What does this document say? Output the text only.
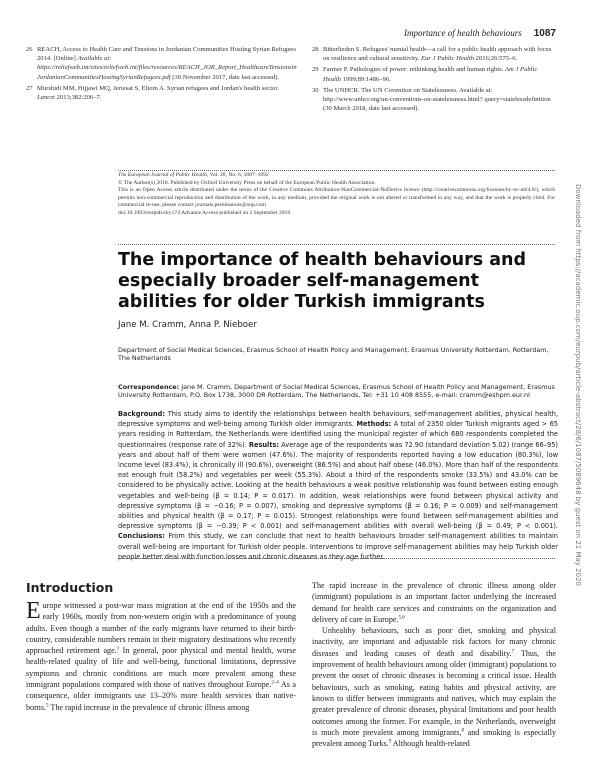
Importance of health behaviours 1087
26 REACH, Access to Health Care and Tensions in Jordanian Communities Hosting Syrian Refugees 2014. [Online] Available at: https://reliefweb.int/sites/reliefweb.int/files/resources/REACH_JOR_Report_HealthcareTensionsin JordanianCommunitiesHostingSyrianRefugees.pdf (30 November 2017, date last accessed).
27 Murshidi MM, Hijjawi MQ, Jeriesat S, Eltom A. Syrian refugees and Jordan's health sector. Lancet 2013;382:206–7.
28 Bitterlieden S. Refugees' mental health—a call for a public health approach with focus on resilience and cultural sensitivity. Eur J Public Health 2016;26:575–6.
29 Farmer P. Pathologies of power: rethinking health and human rights. Am J Public Health 1999;89:1486–96.
30 The UNHCR. The UN Covention on Statelessness. Available at: http://www.unhcr.org/un-conventions-on-statelessness.html? query=statelessdefinition (30 March 2018, date last accessed).
The European Journal of Public Health, Vol. 28, No. 6, 1087–1092
© The Author(s) 2018. Published by Oxford University Press on behalf of the European Public Health Association.
This is an Open Access article distributed under the terms of the Creative Commons Attribution-NonCommercial-NoDerivs licence (http://creativecommons.org/licenses/by-nc-nd/4.0/), which permits non-commercial reproduction and distribution of the work, in any medium, provided the original work is not altered or transformed in any way, and that the work is properly cited. For commercial re-use, please contact journals.permissions@oup.com
doi:10.1093/eurpub/cky174 Advance Access published on 3 September 2018
The importance of health behaviours and especially broader self-management abilities for older Turkish immigrants
Jane M. Cramm, Anna P. Nieboer
Department of Social Medical Sciences, Erasmus School of Health Policy and Management, Erasmus University Rotterdam, Rotterdam, The Netherlands
Correspondence: Jane M. Cramm, Department of Social Medical Sciences, Erasmus School of Health Policy and Management, Erasmus University Rotterdam, P.O. Box 1738, 3000 DR Rotterdam, The Netherlands, Tel: +31 10 408 8555, e-mail: cramm@eshpm.eur.nl
Background: This study aims to identify the relationships between health behaviours, self-management abilities, physical health, depressive symptoms and well-being among Turkish older immigrants. Methods: A total of 2350 older Turkish migrants aged > 65 years residing in Rotterdam, the Netherlands were identified using the municipal register of which 680 respondents completed the questionnaires (response rate of 32%). Results: Average age of the respondents was 72.90 (standard deviation 5.02) (range 66–95) years and about half of them were women (47.6%). The majority of respondents reported having a low education (80.3%), low income level (83.4%), is chronically ill (90.6%), overweight (86.5%) and about half obese (46.0%). More than half of the respondents eat enough fruit (58.2%) and vegetables per week (55.3%). About a third of the respondents smoke (33.5%) and 43.0% can be considered to be physically active. Looking at the health behaviours a weak positive relationship was found between eating enough vegetables and well-being (β = 0.14; P = 0.017). In addition, weak relationships were found between physical activity and depressive symptoms (β = −0.16; P = 0.007), smoking and depressive symptoms (β = 0.16; P = 0.009) and self-management abilities and physical health (β = 0.17; P = 0.015). Strongest relationships were found between self-management abilities and depressive symptoms (β = −0.39; P < 0.001) and self-management abilities with overall well-being (β = 0.49; P < 0.001). Conclusions: From this study, we can conclude that next to health behaviours broader self-management abilities to maintain overall well-being are important for Turkish older people. Interventions to improve self-management abilities may help Turkish older people better deal with function losses and chronic diseases as they age further.
Introduction
Europe witnessed a post-war mass migration at the end of the 1950s and the early 1960s, mostly from non-western origin with a predominance of young adults. Even though a number of the early migrants have returned to their birth-country, considerable numbers remain in their migratory destinations who recently approached retirement age.$^1$ In general, poor physical and mental health, worse health-related quality of life and well-being, functional limitations, depressive symptoms and chronic conditions are much more prevalent among these immigrant populations compared with those of natives throughout Europe.$^{2-4}$ As a consequence, older immigrants use 13–20% more health services than native-borns.$^5$ The rapid increase in the prevalence of chronic illness among

The rapid increase in the prevalence of chronic illness among older (immigrant) populations is an important factor underlying the increased demand for health care services and constraints on the organization and delivery of care in Europe.$^{5,6}$

Unhealthy behaviours, such as poor diet, smoking and physical inactivity, are important and adjustable risk factors for many chronic diseases and leading causes of death and disability.$^7$ Thus, the improvement of health behaviours among older (immigrant) populations to prevent the onset of chronic diseases is becoming a critical issue. Health behaviours, such as smoking, eating habits and physical activity, are known to differ between immigrants and natives, which may explain the greater prevalence of chronic diseases, physical limitations and poor health outcomes among the former. For example, in the Netherlands, overweight is much more prevalent among immigrants,$^8$ and smoking is especially prevalent among Turks.$^9$ Although health-related

Downloaded from https://academic.oup.com/eurpub/article-abstract/28/6/1087/5089648 by guest on 21 May 2020
